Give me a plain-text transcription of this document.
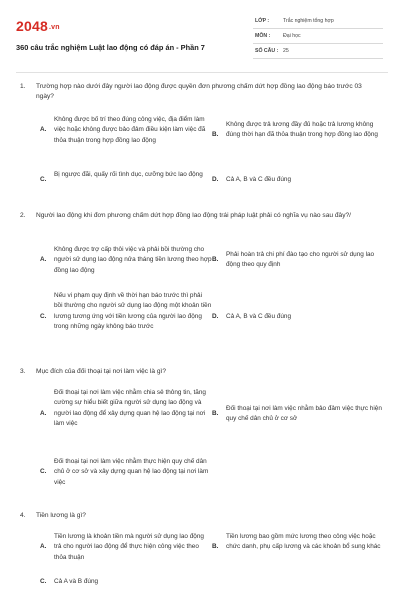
2048.vn
360 câu trắc nghiệm Luật lao động có đáp án - Phần 7
LỚP :	Trắc nghiệm tổng hợp
MÔN : Đại học
SỐ CÂU : 25
1.	Trường hợp nào dưới đây người lao động được quyền đơn phương chấm dứt hợp đồng lao động báo trước 03 ngày?
A.
Không được bố trí theo đúng công việc, địa điểm làm việc hoặc không được bảo đảm điều kiện làm việc đã thỏa thuận trong hợp đồng lao động
B.
Không được trả lương đầy đủ hoặc trả lương không đúng thời hạn đã thỏa thuận trong hợp đồng lao động
C.
Bị ngược đãi, quấy rối tình dục, cưỡng bức lao động
D. Cả A, B và C đều đúng
2.	Người lao động khi đơn phương chấm dứt hợp đồng lao động trái pháp luật phải có nghĩa vụ nào sau đây?/
A.
Không được trợ cấp thôi việc và phải bồi thường cho người sử dụng lao động nửa tháng tiền lương theo hợp đồng lao động
B.
Phải hoàn trả chi phí đào tạo cho người sử dụng lao động theo quy định
C.
Nếu vi phạm quy định về thời hạn báo trước thì phải bồi thường cho người sử dụng lao động một khoản tiền lương tương ứng với tiền lương của người lao động trong những ngày không báo trước
D. Cả A, B và C đều đúng
3.	Mục đích của đối thoại tại nơi làm việc là gì?
A.
Đối thoại tại nơi làm việc nhằm chia sẻ thông tin, tăng cường sự hiểu biết giữa người sử dụng lao động và người lao động để xây dựng quan hệ lao động tại nơi làm việc
B.
Đối thoại tại nơi làm việc nhằm bảo đảm việc thực hiện quy chế dân chủ ở cơ sở
C.
Đối thoại tại nơi làm việc nhằm thực hiện quy chế dân chủ ở cơ sở và xây dựng quan hệ lao động tại nơi làm việc
4.	Tiền lương là gì?
A.
Tiền lương là khoản tiền mà người sử dụng lao động trả cho người lao động để thực hiện công việc theo thỏa thuận
B.
Tiền lương bao gồm mức lương theo công việc hoặc chức danh, phụ cấp lương và các khoản bổ sung khác
C. Cả A và B đúng
